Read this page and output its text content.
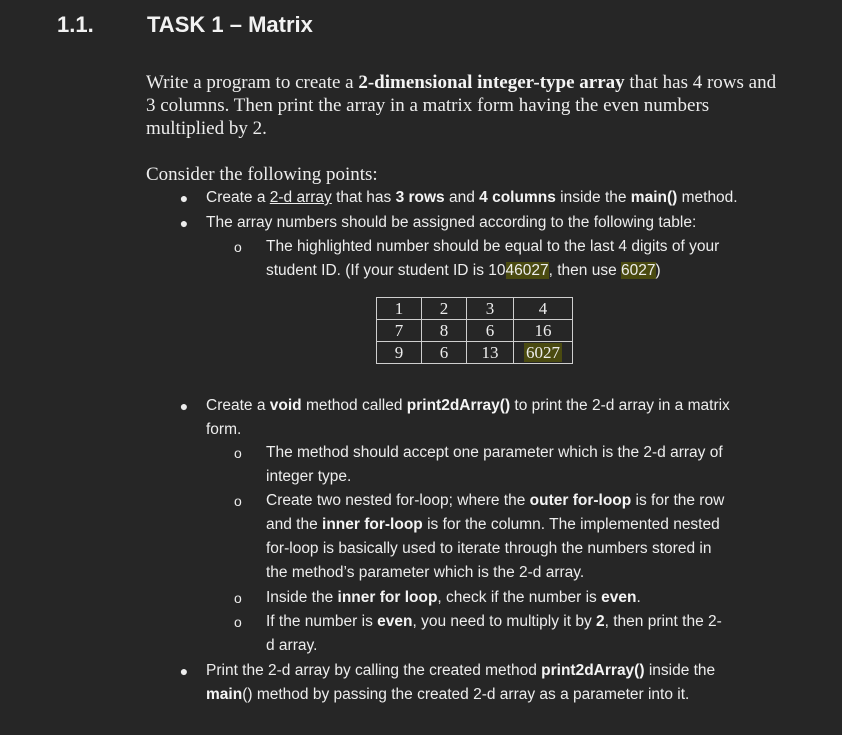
1.1. TASK 1 – Matrix
Write a program to create a 2-dimensional integer-type array that has 4 rows and 3 columns. Then print the array in a matrix form having the even numbers multiplied by 2.
Consider the following points:
●	Create a 2-d array that has 3 rows and 4 columns inside the main() method.
●	The array numbers should be assigned according to the following table:
o The highlighted number should be equal to the last 4 digits of your
student ID. (If your student ID is 1046027, then use 6027)
1	2	3	4
7	8	6	16
9	6	13	6027
●	Create a void method called print2dArray() to print the 2-d array in a matrix
form.
o The method should accept one parameter which is the 2-d array of
integer type.
o Create two nested for-loop; where the outer for-loop is for the row
and the inner for-loop is for the column. The implemented nested
for-loop is basically used to iterate through the numbers stored in
the method’s parameter which is the 2-d array.
o Inside the inner for loop, check if the number is even.
o If the number is even, you need to multiply it by 2, then print the 2-
d array.
●	Print the 2-d array by calling the created method print2dArray() inside the
main() method by passing the created 2-d array as a parameter into it.
